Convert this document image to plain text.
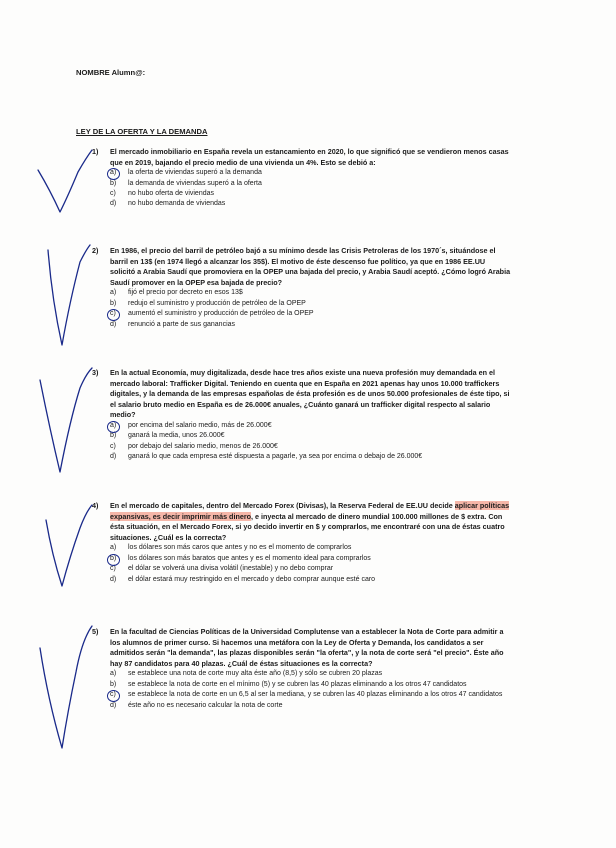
NOMBRE Alumn@:
LEY DE LA OFERTA Y LA DEMANDA
1) El mercado inmobiliario en España revela un estancamiento en 2020, lo que significó que se vendieron menos casas que en 2019, bajando el precio medio de una vivienda un 4%. Esto se debió a:
a)	la oferta de viviendas superó a la demanda
b)	la demanda de viviendas superó a la oferta
c)	no hubo oferta de viviendas
d)	no hubo demanda de viviendas
2) En 1986, el precio del barril de petróleo bajó a su mínimo desde las Crisis Petroleras de los 1970´s, situándose el barril en 13$ (en 1974 llegó a alcanzar los 35$). El motivo de éste descenso fue político, ya que en 1986 EE.UU solicitó a Arabia Saudí que promoviera en la OPEP una bajada del precio, y Arabia Saudí aceptó. ¿Cómo logró Arabia Saudí promover en la OPEP esa bajada de precio?
a)	fijó el precio por decreto en esos 13$
b)	redujo el suministro y producción de petróleo de la OPEP
c)	aumentó el suministro y producción de petróleo de la OPEP
d)	renunció a parte de sus ganancias
3) En la actual Economía, muy digitalizada, desde hace tres años existe una nueva profesión muy demandada en el mercado laboral: Trafficker Digital. Teniendo en cuenta que en España en 2021 apenas hay unos 10.000 traffickers digitales, y la demanda de las empresas españolas de ésta profesión es de unos 50.000 profesionales de éste tipo, si el salario bruto medio en España es de 26.000€ anuales, ¿Cuánto ganará un trafficker digital respecto al salario medio?
a)	por encima del salario medio, más de 26.000€
b)	ganará la media, unos 26.000€
c)	por debajo del salario medio, menos de 26.000€
d)	ganará lo que cada empresa esté dispuesta a pagarle, ya sea por encima o debajo de 26.000€
4) En el mercado de capitales, dentro del Mercado Forex (Divisas), la Reserva Federal de EE.UU decide aplicar políticas expansivas, es decir imprimir más dinero, e inyecta al mercado de dinero mundial 100.000 millones de $ extra. Con ésta situación, en el Mercado Forex, si yo decido invertir en $ y comprarlos, me encontraré con una de éstas cuatro situaciones. ¿Cuál es la correcta?
a)	los dólares son más caros que antes y no es el momento de comprarlos
b)	los dólares son más baratos que antes y es el momento ideal para comprarlos
c)	el dólar se volverá una divisa volátil (inestable) y no debo comprar
d)	el dólar estará muy restringido en el mercado y debo comprar aunque esté caro
5) En la facultad de Ciencias Políticas de la Universidad Complutense van a establecer la Nota de Corte para admitir a los alumnos de primer curso. Si hacemos una metáfora con la Ley de Oferta y Demanda, los candidatos a ser admitidos serán "la demanda", las plazas disponibles serán "la oferta", y la nota de corte será "el precio". Éste año hay 87 candidatos para 40 plazas. ¿Cuál de éstas situaciones es la correcta?
a)	se establece una nota de corte muy alta éste año (8,5) y sólo se cubren 20 plazas
b)	se establece la nota de corte en el mínimo (5) y se cubren las 40 plazas eliminando a los otros 47 candidatos
c)	se establece la nota de corte en un 6,5 al ser la mediana, y se cubren las 40 plazas eliminando a los otros 47 candidatos
d)	éste año no es necesario calcular la nota de corte
